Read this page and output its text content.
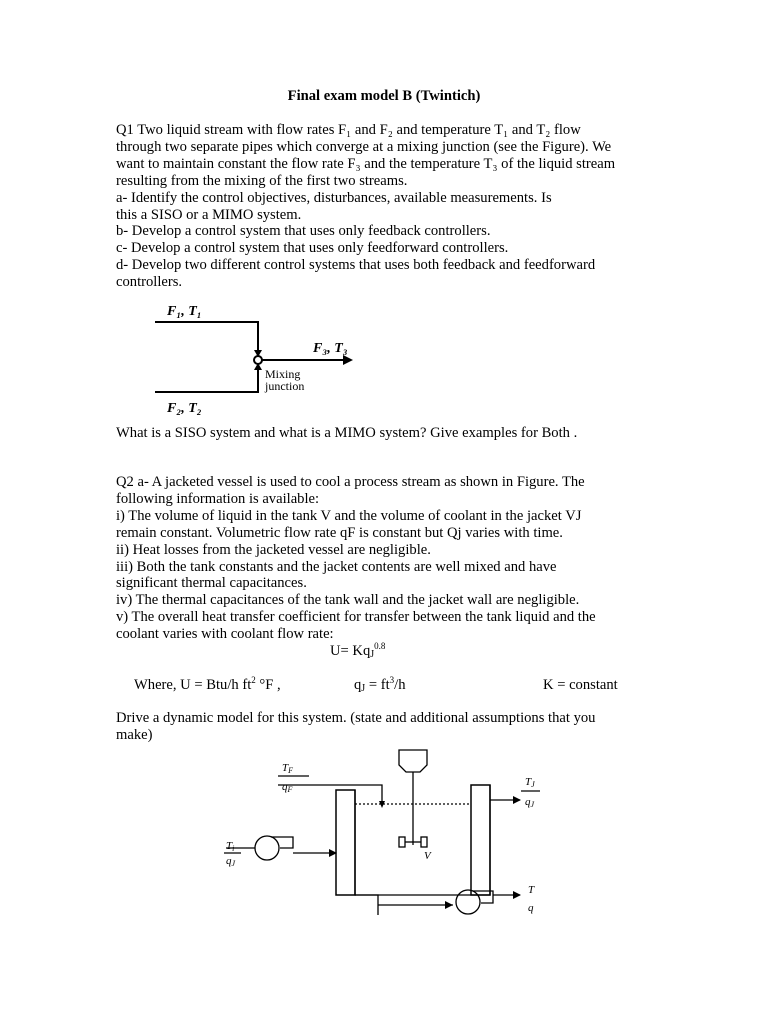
Final exam model B (Twintich)
Q1 Two liquid stream with flow rates F₁ and F₂ and temperature T₁ and T₂ flow
through two separate pipes which converge at a mixing junction (see the Figure). We
want to maintain constant the flow rate F₃ and the temperature T₃ of the liquid stream
resulting from the mixing of the first two streams.
a- Identify the control objectives, disturbances, available measurements. Is
this a SISO or a MIMO system.
b- Develop a control system that uses only feedback controllers.
c- Develop a control system that uses only feedforward controllers.
d- Develop two different control systems that uses both feedback and feedforward
controllers.
F₁, T₁
F₃, T₃
Mixing
junction
F₂, T₂
What is a SISO system and what is a MIMO system? Give examples for Both .
Q2 a- A jacketed vessel is used to cool a process stream as shown in Figure. The
following information is available:
i) The volume of liquid in the tank V and the volume of coolant in the jacket VJ
remain constant. Volumetric flow rate qF is constant but Qj varies with time.
ii) Heat losses from the jacketed vessel are negligible.
iii) Both the tank constants and the jacket contents are well mixed and have
significant thermal capacitances.
iv) The thermal capacitances of the tank wall and the jacket wall are negligible.
v) The overall heat transfer coefficient for transfer between the tank liquid and the
coolant varies with coolant flow rate:
$U= Kq_J^{0.8}$
Where, U = Btu/h $ft^2$ °F ,	$q_J = ft^3/h$	K = constant
Drive a dynamic model for this system. (state and additional assumptions that you
make)
TF
qF
TJ
qJ
Ti
qJ
V
T
q
